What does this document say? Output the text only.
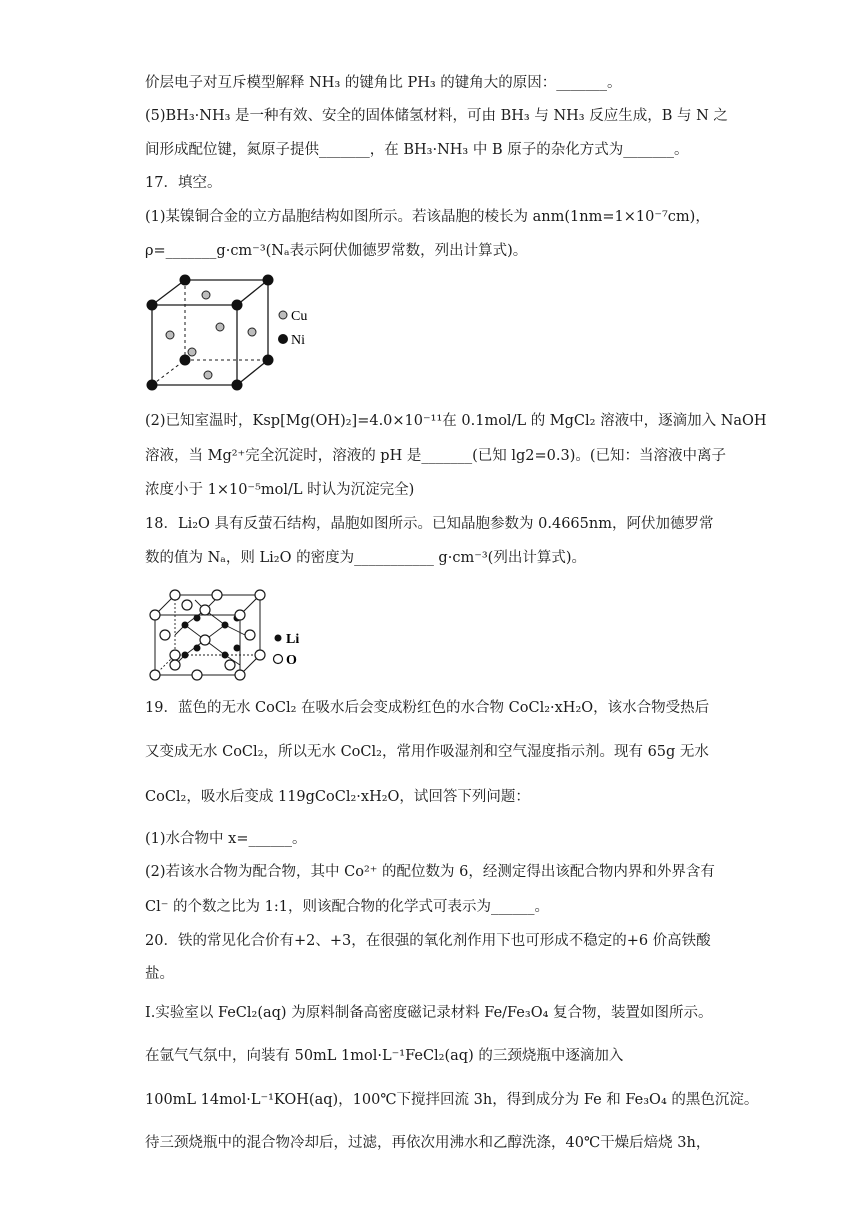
价层电子对互斥模型解释 NH₃ 的键角比 PH₃ 的键角大的原因：_______。
(5)BH₃·NH₃ 是一种有效、安全的固体储氢材料，可由 BH₃ 与 NH₃ 反应生成，B 与 N 之
间形成配位键，氮原子提供_______，在 BH₃·NH₃ 中 B 原子的杂化方式为_______。
17．填空。
(1)某镍铜合金的立方晶胞结构如图所示。若该晶胞的棱长为 anm(1nm=1×10⁻⁷cm)，
ρ=_______g·cm⁻³(Nₐ表示阿伏伽德罗常数，列出计算式)。
Cu
Ni
(2)已知室温时，Ksp[Mg(OH)₂]=4.0×10⁻¹¹在 0.1mol/L 的 MgCl₂ 溶液中，逐滴加入 NaOH
溶液，当 Mg²⁺完全沉淀时，溶液的 pH 是_______(已知 lg2=0.3)。(已知：当溶液中离子
浓度小于 1×10⁻⁵mol/L 时认为沉淀完全)
18．Li₂O 具有反萤石结构，晶胞如图所示。已知晶胞参数为 0.4665nm，阿伏加德罗常
数的值为 Nₐ，则 Li₂O 的密度为___________ g·cm⁻³(列出计算式)。
Li
O
19．蓝色的无水 CoCl₂ 在吸水后会变成粉红色的水合物 CoCl₂·xH₂O，该水合物受热后
又变成无水 CoCl₂，所以无水 CoCl₂，常用作吸湿剂和空气湿度指示剂。现有 65g 无水
CoCl₂，吸水后变成 119gCoCl₂·xH₂O，试回答下列问题：
(1)水合物中 x=______。
(2)若该水合物为配合物，其中 Co²⁺ 的配位数为 6，经测定得出该配合物内界和外界含有
Cl⁻ 的个数之比为 1:1，则该配合物的化学式可表示为______。
20．铁的常见化合价有+2、+3，在很强的氧化剂作用下也可形成不稳定的+6 价高铁酸
盐。
I.实验室以 FeCl₂(aq) 为原料制备高密度磁记录材料 Fe/Fe₃O₄ 复合物，装置如图所示。
在氩气气氛中，向装有 50mL 1mol·L⁻¹FeCl₂(aq) 的三颈烧瓶中逐滴加入
100mL 14mol·L⁻¹KOH(aq)，100℃下搅拌回流 3h，得到成分为 Fe 和 Fe₃O₄ 的黑色沉淀。
待三颈烧瓶中的混合物冷却后，过滤，再依次用沸水和乙醇洗涤，40℃干燥后焙烧 3h，
